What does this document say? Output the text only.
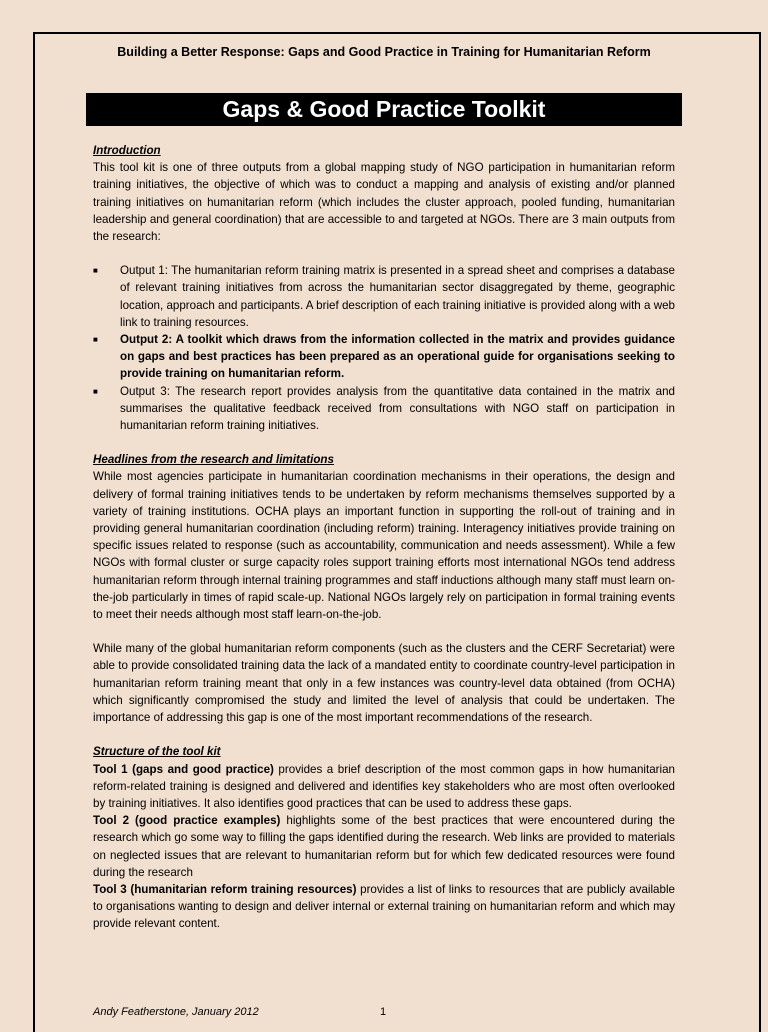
Building a Better Response: Gaps and Good Practice in Training for Humanitarian Reform
Gaps & Good Practice Toolkit

Introduction

This tool kit is one of three outputs from a global mapping study of NGO participation in humanitarian reform training initiatives, the objective of which was to conduct a mapping and analysis of existing and/or planned training initiatives on humanitarian reform (which includes the cluster approach, pooled funding, humanitarian leadership and general coordination) that are accessible to and targeted at NGOs. There are 3 main outputs from the research:

■ Output 1: The humanitarian reform training matrix is presented in a spread sheet and comprises a database of relevant training initiatives from across the humanitarian sector disaggregated by theme, geographic location, approach and participants. A brief description of each training initiative is provided along with a web link to training resources.
■ Output 2: A toolkit which draws from the information collected in the matrix and provides guidance on gaps and best practices has been prepared as an operational guide for organisations seeking to provide training on humanitarian reform.
■ Output 3: The research report provides analysis from the quantitative data contained in the matrix and summarises the qualitative feedback received from consultations with NGO staff on participation in humanitarian reform training initiatives.

Headlines from the research and limitations

While most agencies participate in humanitarian coordination mechanisms in their operations, the design and delivery of formal training initiatives tends to be undertaken by reform mechanisms themselves supported by a variety of training institutions. OCHA plays an important function in supporting the roll-out of training and in providing general humanitarian coordination (including reform) training. Interagency initiatives provide training on specific issues related to response (such as accountability, communication and needs assessment). While a few NGOs with formal cluster or surge capacity roles support training efforts most international NGOs tend address humanitarian reform through internal training programmes and staff inductions although many staff must learn on-the-job particularly in times of rapid scale-up. National NGOs largely rely on participation in formal training events to meet their needs although most staff learn-on-the-job.

While many of the global humanitarian reform components (such as the clusters and the CERF Secretariat) were able to provide consolidated training data the lack of a mandated entity to coordinate country-level participation in humanitarian reform training meant that only in a few instances was country-level data obtained (from OCHA) which significantly compromised the study and limited the level of analysis that could be undertaken. The importance of addressing this gap is one of the most important recommendations of the research.

Structure of the tool kit

Tool 1 (gaps and good practice) provides a brief description of the most common gaps in how humanitarian reform-related training is designed and delivered and identifies key stakeholders who are most often overlooked by training initiatives. It also identifies good practices that can be used to address these gaps.

Tool 2 (good practice examples) highlights some of the best practices that were encountered during the research which go some way to filling the gaps identified during the research. Web links are provided to materials on neglected issues that are relevant to humanitarian reform but for which few dedicated resources were found during the research

Tool 3 (humanitarian reform training resources) provides a list of links to resources that are publicly available to organisations wanting to design and deliver internal or external training on humanitarian reform and which may provide relevant content.

Andy Featherstone, January 2012	1
